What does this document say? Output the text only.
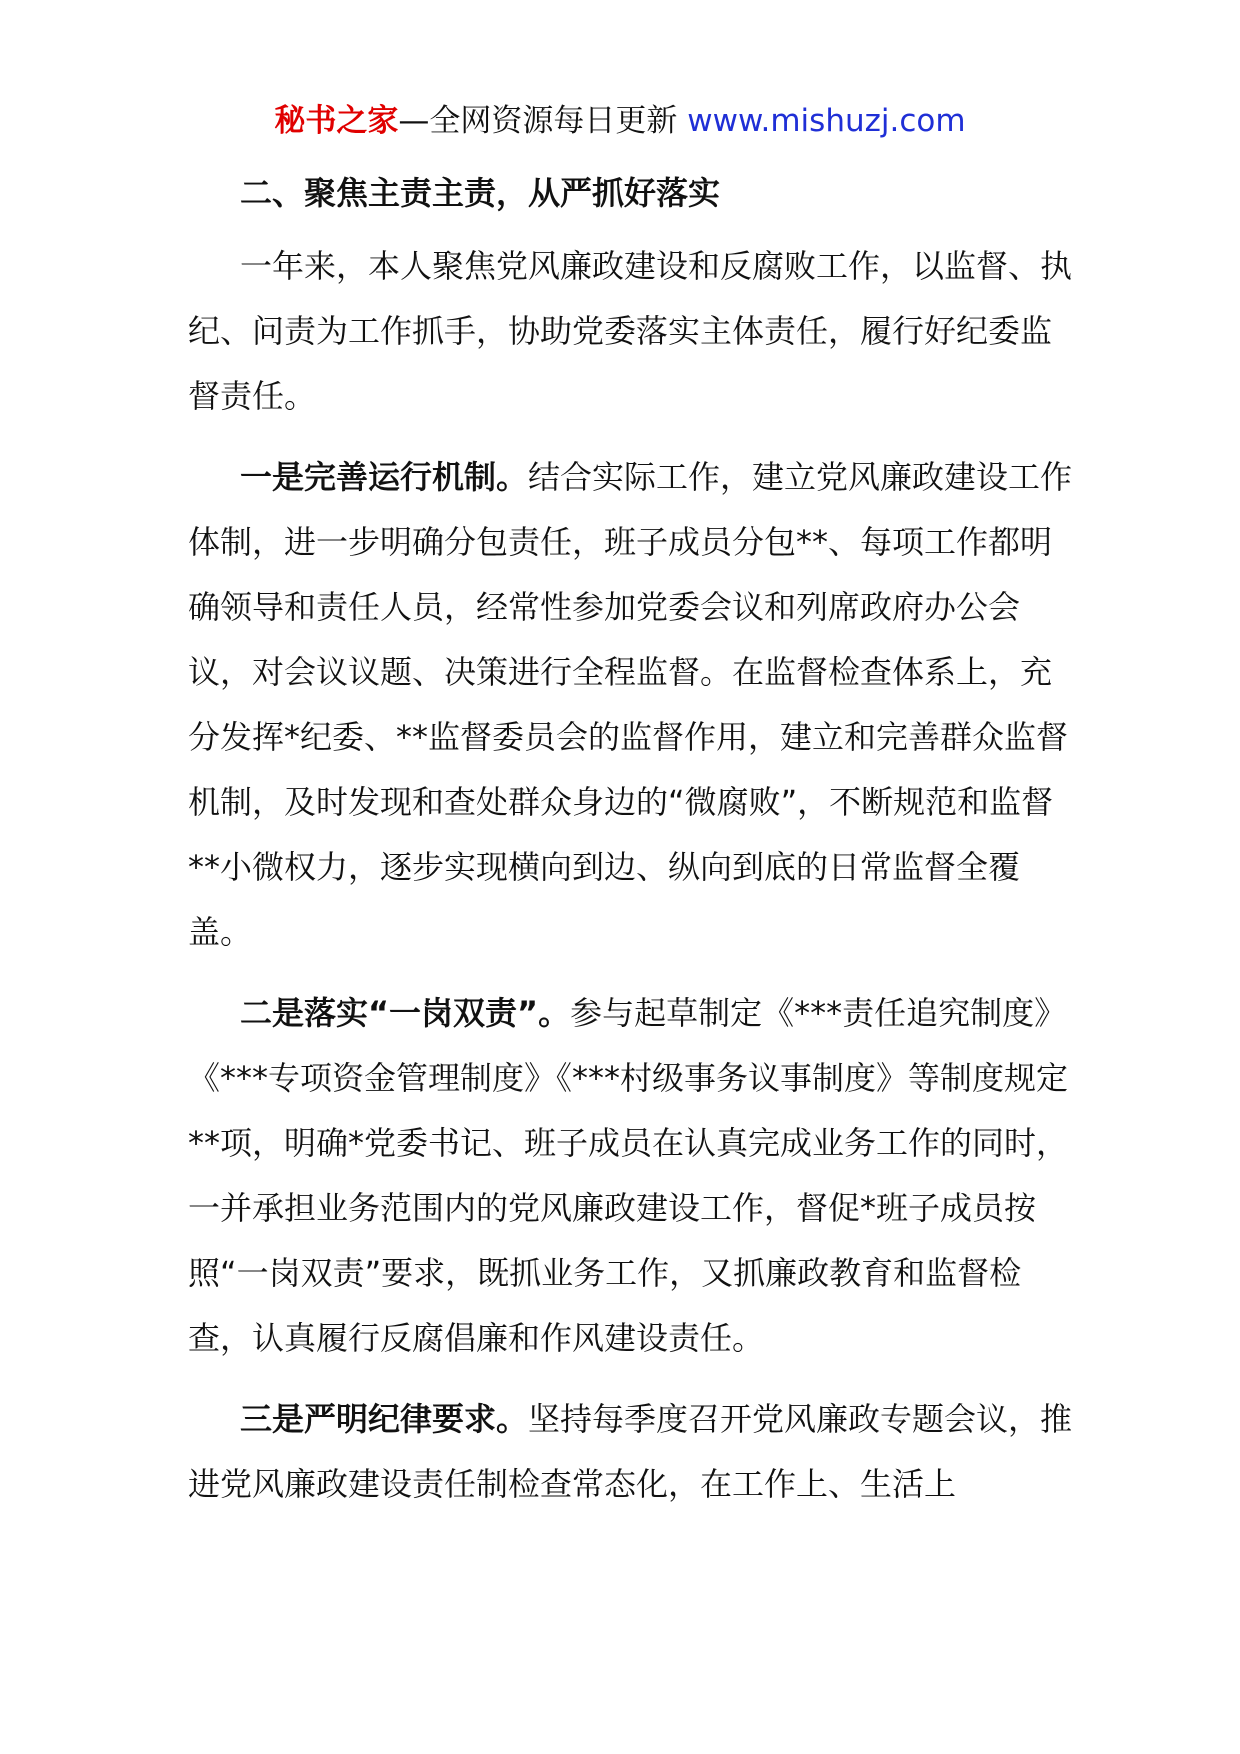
秘书之家—全网资源每日更新 www.mishuzj.com
二、聚焦主责主责，从严抓好落实

一年来，本人聚焦党风廉政建设和反腐败工作，以监督、执纪、问责为工作抓手，协助党委落实主体责任，履行好纪委监督责任。

一是完善运行机制。结合实际工作，建立党风廉政建设工作体制，进一步明确分包责任，班子成员分包**、每项工作都明确领导和责任人员，经常性参加党委会议和列席政府办公会议，对会议议题、决策进行全程监督。在监督检查体系上，充分发挥*纪委、**监督委员会的监督作用，建立和完善群众监督机制，及时发现和查处群众身边的“微腐败”，不断规范和监督**小微权力，逐步实现横向到边、纵向到底的日常监督全覆盖。

二是落实“一岗双责”。参与起草制定《***责任追究制度》《***专项资金管理制度》《***村级事务议事制度》等制度规定**项，明确*党委书记、班子成员在认真完成业务工作的同时，一并承担业务范围内的党风廉政建设工作，督促*班子成员按照“一岗双责”要求，既抓业务工作，又抓廉政教育和监督检查，认真履行反腐倡廉和作风建设责任。

三是严明纪律要求。坚持每季度召开党风廉政专题会议，推进党风廉政建设责任制检查常态化，在工作上、生活上
